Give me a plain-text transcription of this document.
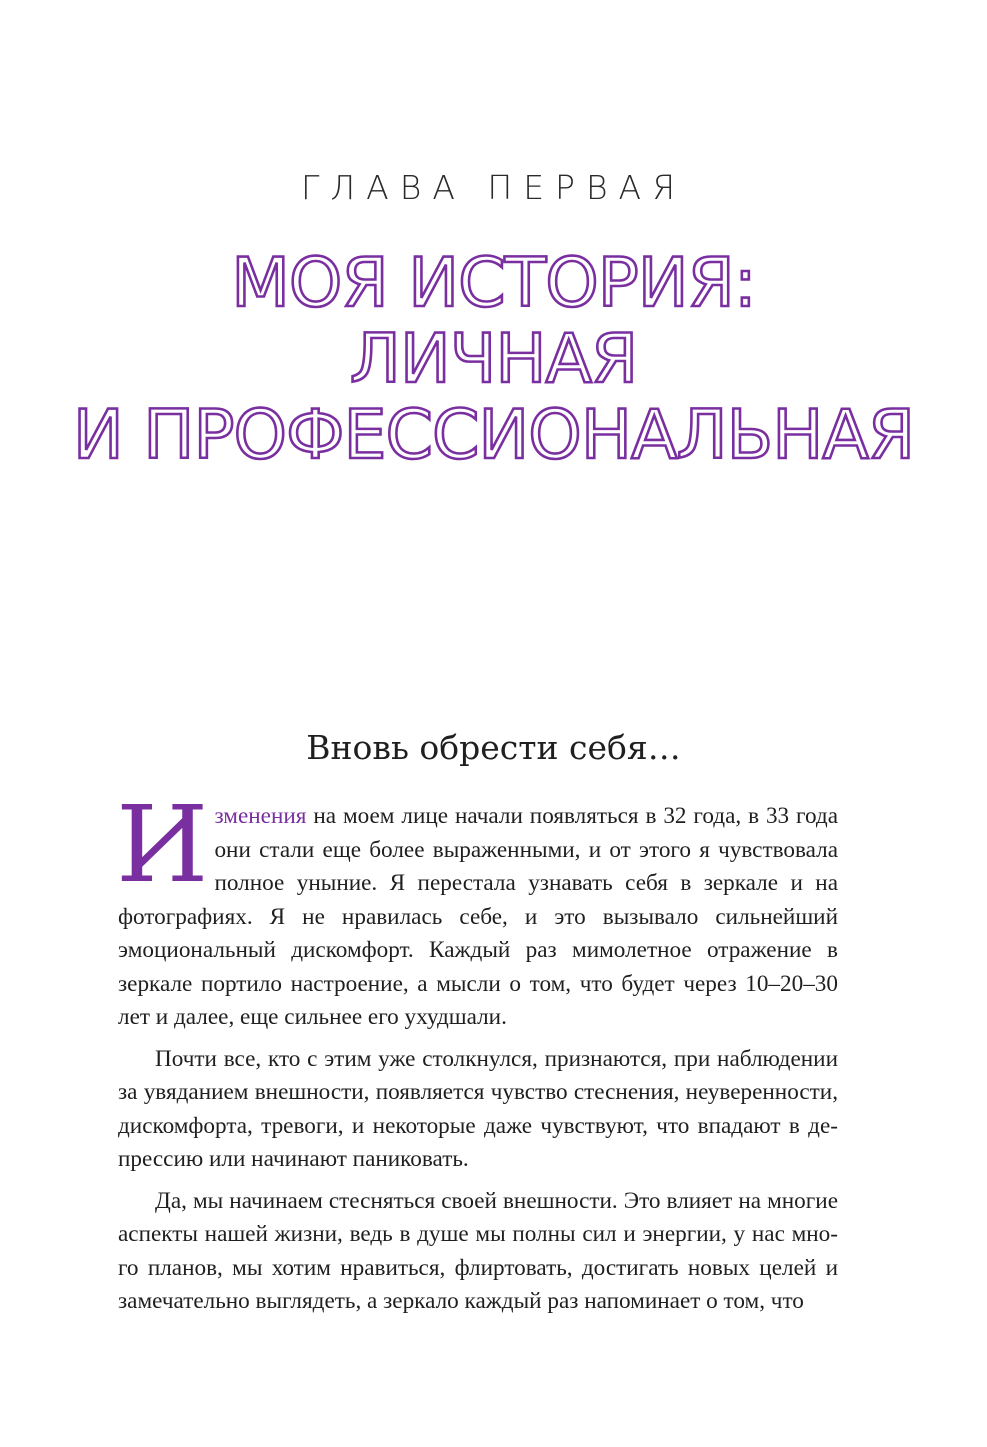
ГЛАВА ПЕРВАЯ
МОЯ ИСТОРИЯ:
ЛИЧНАЯ
И ПРОФЕССИОНАЛЬНАЯ
Вновь обрести себя…

Изменения на моем лице начали появляться в 32 года, в 33 года они стали еще более выраженными, и от этого я чувствовала полное уныние. Я перестала узнавать себя в зеркале и на фотографиях. Я не нравилась себе, и это вызывало сильнейший эмоциональный дискомфорт. Каждый раз мимолетное отражение в зеркале портило настроение, а мысли о том, что будет через 10–20–30 лет и далее, еще сильнее его ухудшали.

Почти все, кто с этим уже столкнулся, признаются, при наблюдении за увяданием внешности, появляется чувство стеснения, неуверенности, дискомфорта, тревоги, и некоторые даже чувствуют, что впадают в депрессию или начинают паниковать.

Да, мы начинаем стесняться своей внешности. Это влияет на многие аспекты нашей жизни, ведь в душе мы полны сил и энергии, у нас много планов, мы хотим нравиться, флиртовать, достигать новых целей и замечательно выглядеть, а зеркало каждый раз напоминает о том, что
